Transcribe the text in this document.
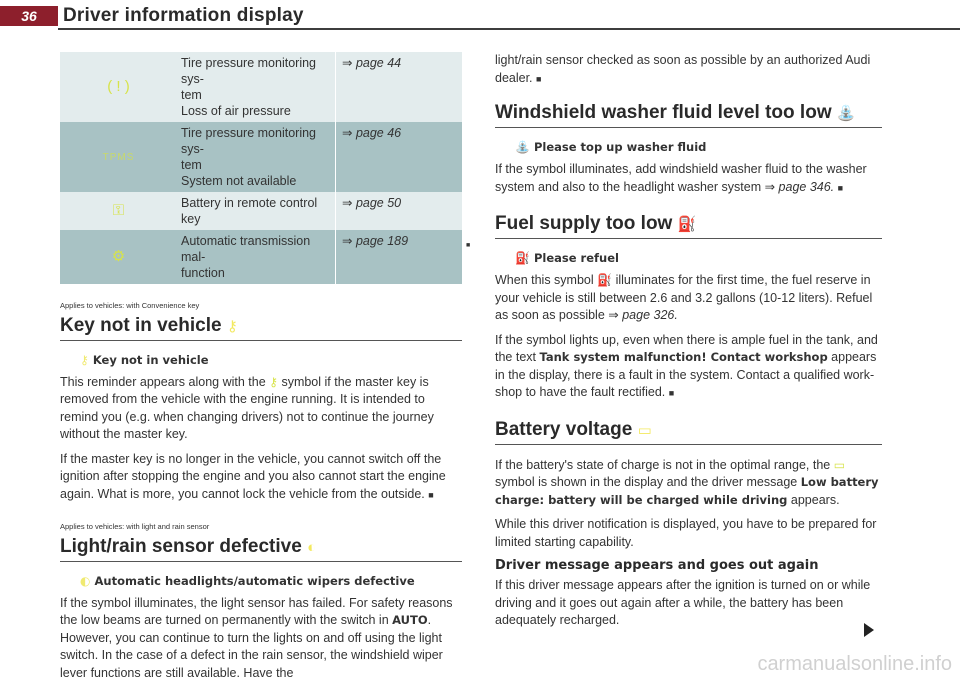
36	Driver information display
( ! )	Tire pressure monitoring sys-
tem
Loss of air pressure	⇒ page 44
TPMS	Tire pressure monitoring sys-
tem
System not available	⇒ page 46
⚿	Battery in remote control key	⇒ page 50
⚙	Automatic transmission mal-
function	⇒ page 189

Applies to vehicles: with Convenience key

Key not in vehicle ⚷
⚷ Key not in vehicle

This reminder appears along with the ⚷ symbol if the master key is removed from the vehicle with the engine running. It is intended to remind you (e.g. when changing drivers) not to continue the journey without the master key.

If the master key is no longer in the vehicle, you cannot switch off the ignition after stopping the engine and you also cannot start the engine again. What is more, you cannot lock the vehicle from the outside. ■

Applies to vehicles: with light and rain sensor

Light/rain sensor defective ◐
◐ Automatic headlights/automatic wipers defective

If the symbol illuminates, the light sensor has failed. For safety reasons the low beams are turned on permanently with the switch in AUTO. However, you can continue to turn the lights on and off using the light switch. In the case of a defect in the rain sensor, the windshield wiper lever functions are still available. Have the

■

light/rain sensor checked as soon as possible by an authorized Audi dealer. ■

Windshield washer fluid level too low ⛲
⛲ Please top up washer fluid

If the symbol illuminates, add windshield washer fluid to the washer system and also to the headlight washer system ⇒ page 346. ■

Fuel supply too low ⛽
⛽ Please refuel

When this symbol ⛽ illuminates for the first time, the fuel reserve in your vehicle is still between 2.6 and 3.2 gallons (10-12 liters). Refuel as soon as possible ⇒ page 326.

If the symbol lights up, even when there is ample fuel in the tank, and the text Tank system malfunction! Contact workshop appears in the display, there is a fault in the system. Contact a qualified work- shop to have the fault rectified. ■

Battery voltage ▭

If the battery's state of charge is not in the optimal range, the ▭ symbol is shown in the display and the driver message Low battery charge: battery will be charged while driving appears.

While this driver notification is displayed, you have to be prepared for limited starting capability.

Driver message appears and goes out again

If this driver message appears after the ignition is turned on or while driving and it goes out again after a while, the battery has been adequately recharged.

carmanualsonline.info
